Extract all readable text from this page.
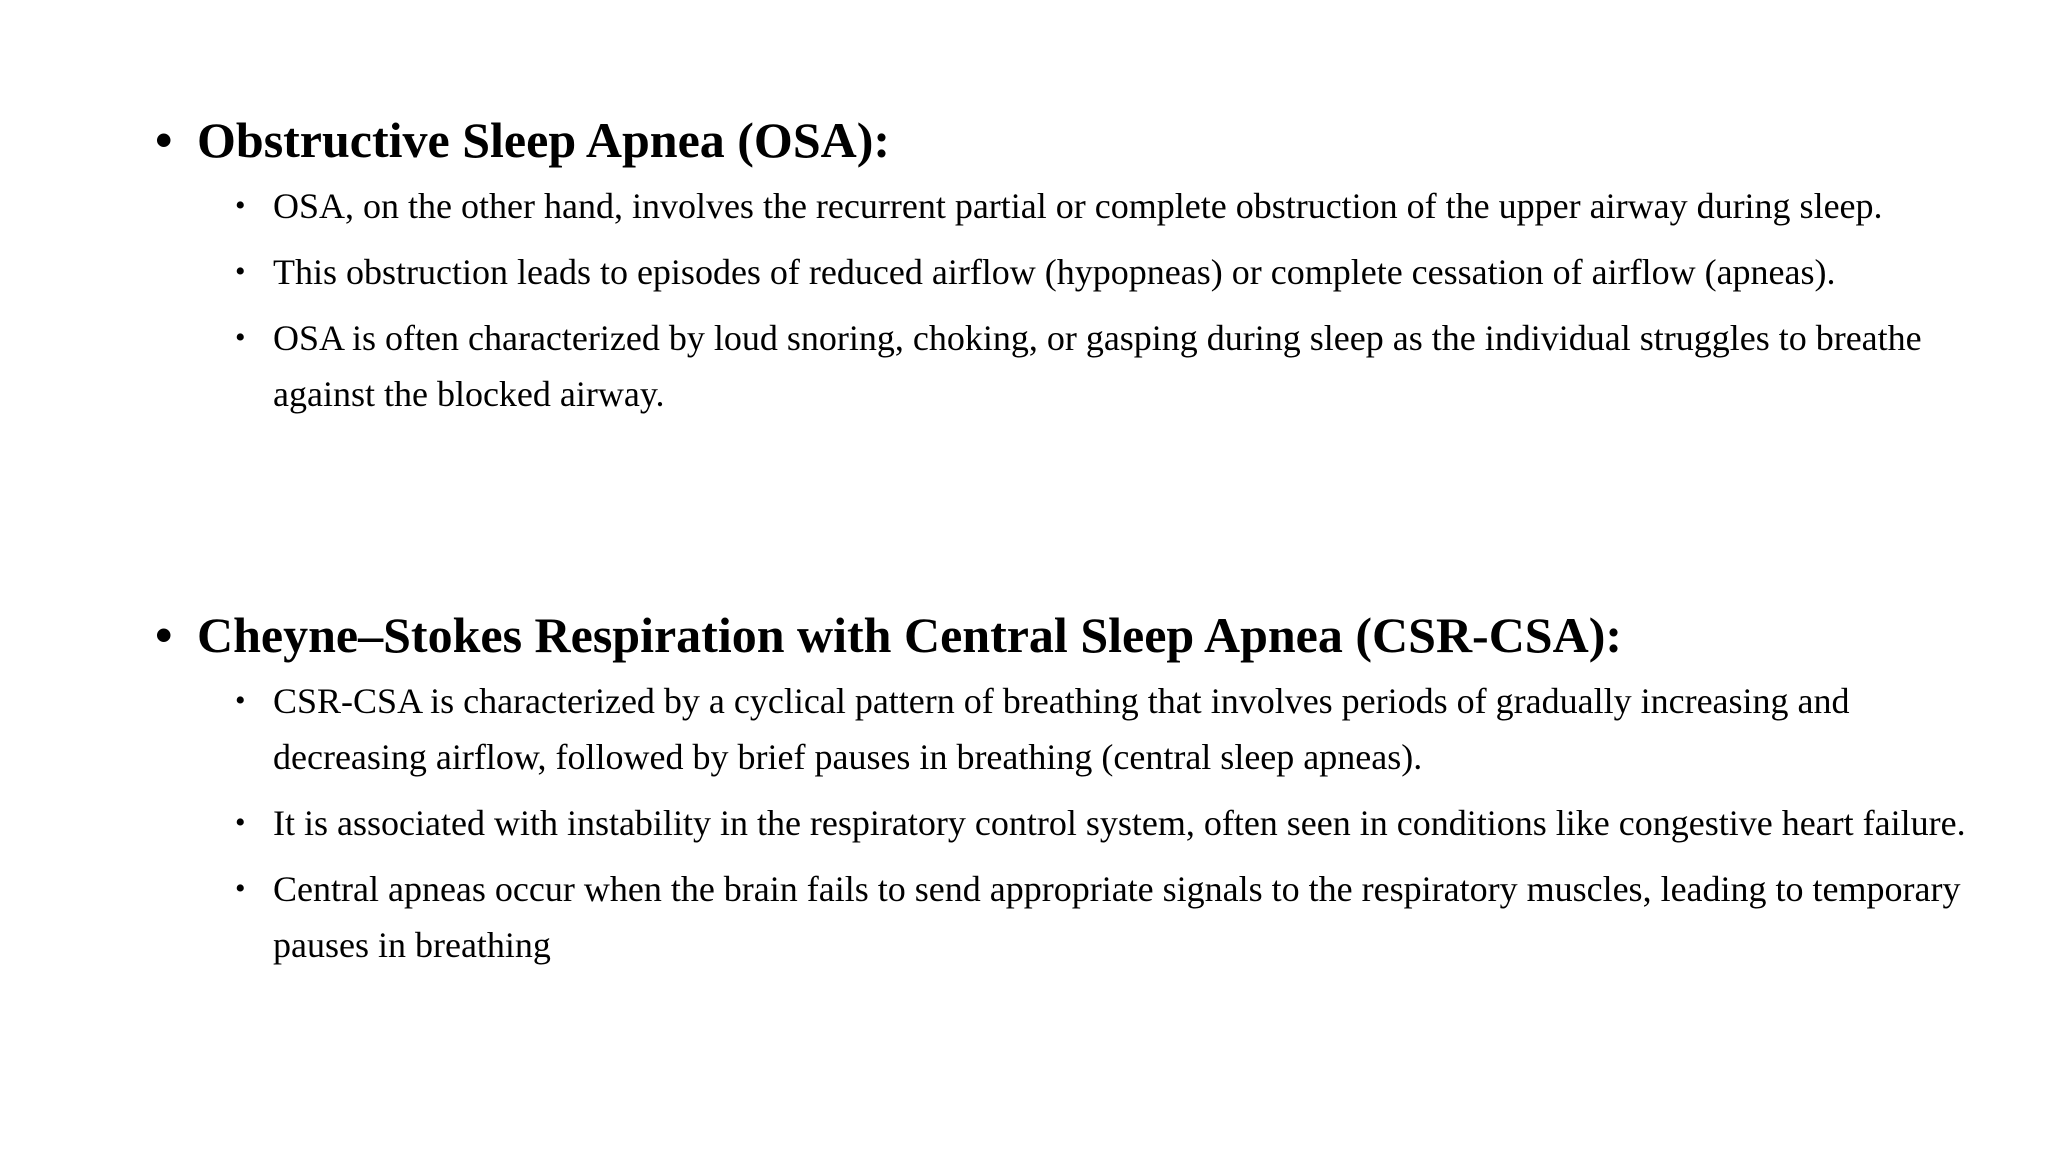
• Obstructive Sleep Apnea (OSA):
• OSA, on the other hand, involves the recurrent partial or complete obstruction of the upper airway during sleep.
• This obstruction leads to episodes of reduced airflow (hypopneas) or complete cessation of airflow (apneas).
• OSA is often characterized by loud snoring, choking, or gasping during sleep as the individual struggles to breathe against the blocked airway.
• Cheyne–Stokes Respiration with Central Sleep Apnea (CSR-CSA):
• CSR-CSA is characterized by a cyclical pattern of breathing that involves periods of gradually increasing and decreasing airflow, followed by brief pauses in breathing (central sleep apneas).
• It is associated with instability in the respiratory control system, often seen in conditions like congestive heart failure.
• Central apneas occur when the brain fails to send appropriate signals to the respiratory muscles, leading to temporary pauses in breathing
